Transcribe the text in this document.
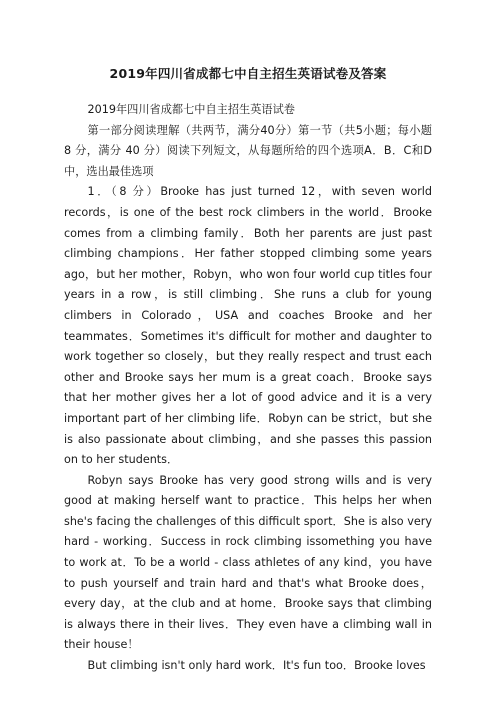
2019年四川省成都七中自主招生英语试卷及答案

2019年四川省成都七中自主招生英语试卷

第一部分阅读理解（共两节，满分40分）第一节（共5小题；每小题 8 分，满分 40 分）阅读下列短文，从每题所给的四个选项A．B．C和D中，选出最佳选项

1．（8 分）Brooke has just turned 12，with seven world records，is one of the best rock climbers in the world．Brooke comes from a climbing family．Both her parents are just past climbing champions．Her father stopped climbing some years ago，but her mother，Robyn，who won four world cup titles four years in a row，is still climbing．She runs a club for young climbers in Colorado，USA and coaches Brooke and her teammates．Sometimes it's difficult for mother and daughter to work together so closely，but they really respect and trust each other and Brooke says her mum is a great coach．Brooke says that her mother gives her a lot of good advice and it is a very important part of her climbing life．Robyn can be strict，but she is also passionate about climbing，and she passes this passion on to her students．

Robyn says Brooke has very good strong wills and is very good at making herself want to practice．This helps her when she's facing the challenges of this difficult sport．She is also very hard - working．Success in rock climbing issomething you have to work at．To be a world - class athletes of any kind，you have to push yourself and train hard and that's what Brooke does，every day，at the club and at home．Brooke says that climbing is always there in their lives．They even have a climbing wall in their house！

But climbing isn't only hard work．It's fun too．Brooke loves
